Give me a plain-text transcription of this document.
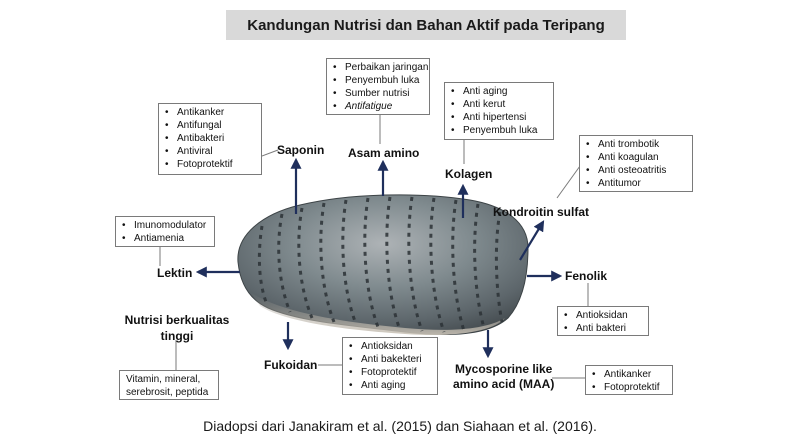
Kandungan Nutrisi dan Bahan Aktif pada Teripang
• Antikanker
• Antifungal
• Antibakteri
• Antiviral
• Fotoprotektif
Saponin
• Perbaikan jaringan
• Penyembuh luka
• Sumber nutrisi
• Antifatigue
Asam amino
• Anti aging
• Anti kerut
• Anti hipertensi
• Penyembuh luka
Kolagen
• Anti trombotik
• Anti koagulan
• Anti osteoatritis
• Antitumor
Kondroitin sulfat
• Imunomodulator
• Antiamenia
Lektin
• Antioksidan
• Anti bakteri
Fenolik
Nutrisi berkualitas
tinggi
Vitamin, mineral,
serebrosit, peptida
Fukoidan
• Antioksidan
• Anti bakekteri
• Fotoprotektif
• Anti aging
Mycosporine like
amino acid (MAA)
• Antikanker
• Fotoprotektif
Diadopsi dari Janakiram et al. (2015) dan Siahaan et al. (2016).
